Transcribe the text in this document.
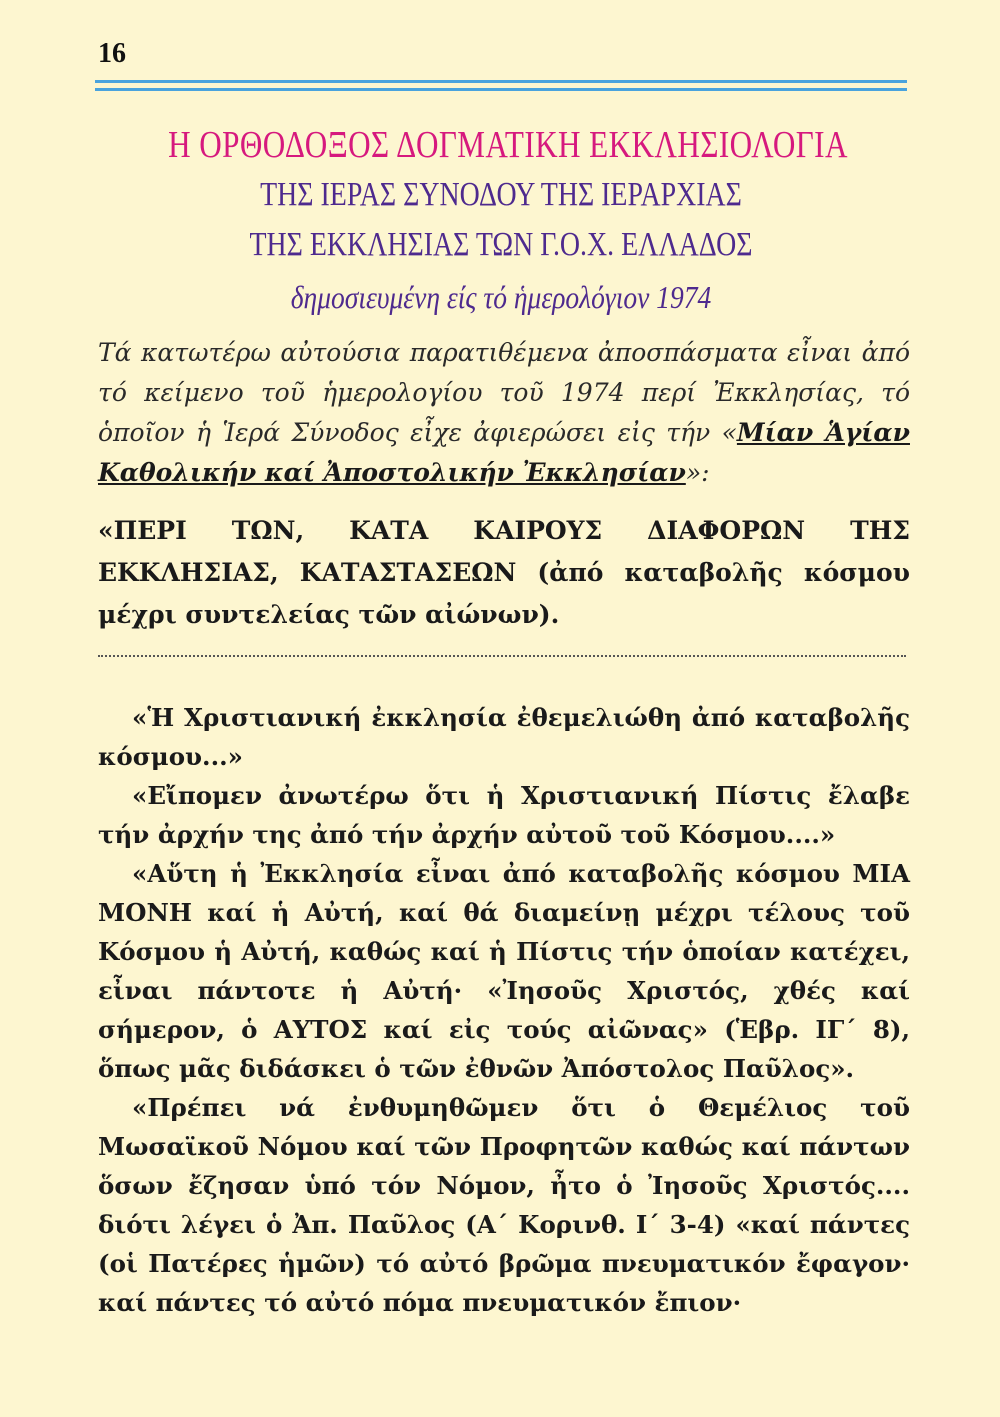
16
Η ΟΡΘΟΔΟΞΟΣ ΔΟΓΜΑΤΙΚΗ ΕΚΚΛΗΣΙΟΛΟΓΙΑ
ΤΗΣ ΙΕΡΑΣ ΣΥΝΟΔΟΥ ΤΗΣ ΙΕΡΑΡΧΙΑΣ
ΤΗΣ ΕΚΚΛΗΣΙΑΣ ΤΩΝ Γ.Ο.Χ. ΕΛΛΑΔΟΣ
δημοσιευμένη είς τό ἡμερολόγιον 1974
Τά κατωτέρω αὐτούσια παρατιθέμενα ἀποσπάσματα εἶναι ἀπό τό κείμενο τοῦ ἡμερολογίου τοῦ 1974 περί Ἐκκλησίας, τό ὁποῖον ἡ Ἱερά Σύνοδος εἶχε ἀφιερώσει εἰς τήν «Μίαν Ἁγίαν Καθολικήν καί Ἀποστολικήν Ἐκκλησίαν»:
«ΠΕΡΙ ΤΩΝ, ΚΑΤΑ ΚΑΙΡΟΥΣ ΔΙΑΦΟΡΩΝ ΤΗΣ ΕΚΚΛΗΣΙΑΣ, ΚΑΤΑΣΤΑΣΕΩΝ (ἀπό καταβολῆς κόσμου μέχρι συντελείας τῶν αἰώνων).

«Ἡ Χριστιανική ἐκκλησία ἐθεμελιώθη ἀπό καταβολῆς κόσμου...»

«Εἴπομεν ἀνωτέρω ὅτι ἡ Χριστιανική Πίστις ἔλαβε τήν ἀρχήν της ἀπό τήν ἀρχήν αὐτοῦ τοῦ Κόσμου....»

«Αὕτη ἡ Ἐκκλησία εἶναι ἀπό καταβολῆς κόσμου ΜΙΑ ΜΟΝΗ καί ἡ Αὐτή, καί θά διαμείνῃ μέχρι τέλους τοῦ Κόσμου ἡ Αὐτή, καθώς καί ἡ Πίστις τήν ὁποίαν κατέχει, εἶναι πάντοτε ἡ Αὐτή· «Ἰησοῦς Χριστός, χθές καί σήμερον, ὁ ΑΥΤΟΣ καί εἰς τούς αἰῶνας» (Ἑβρ. ΙΓ´ 8), ὅπως μᾶς διδάσκει ὁ τῶν ἐθνῶν Ἀπόστολος Παῦλος».

«Πρέπει νά ἐνθυμηθῶμεν ὅτι ὁ Θεμέλιος τοῦ Μωσαϊκοῦ Νόμου καί τῶν Προφητῶν καθώς καί πάντων ὅσων ἔζησαν ὑπό τόν Νόμον, ἦτο ὁ Ἰησοῦς Χριστός.... διότι λέγει ὁ Ἀπ. Παῦλος (Α´ Κορινθ. Ι´ 3-4) «καί πάντες (οἱ Πατέρες ἡμῶν) τό αὐτό βρῶμα πνευματικόν ἔφαγον· καί πάντες τό αὐτό πόμα πνευματικόν ἔπιον·
